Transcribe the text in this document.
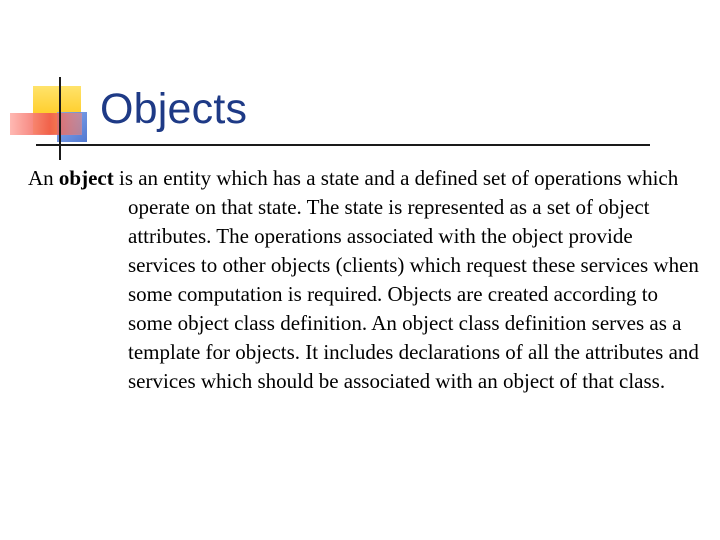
Objects

An object is an entity which has a state and a defined set of operations which operate on that state. The state is represented as a set of object attributes. The operations associated with the object provide services to other objects (clients) which request these services when some computation is required. Objects are created according to some object class definition. An object class definition serves as a template for objects. It includes declarations of all the attributes and services which should be associated with an object of that class.
